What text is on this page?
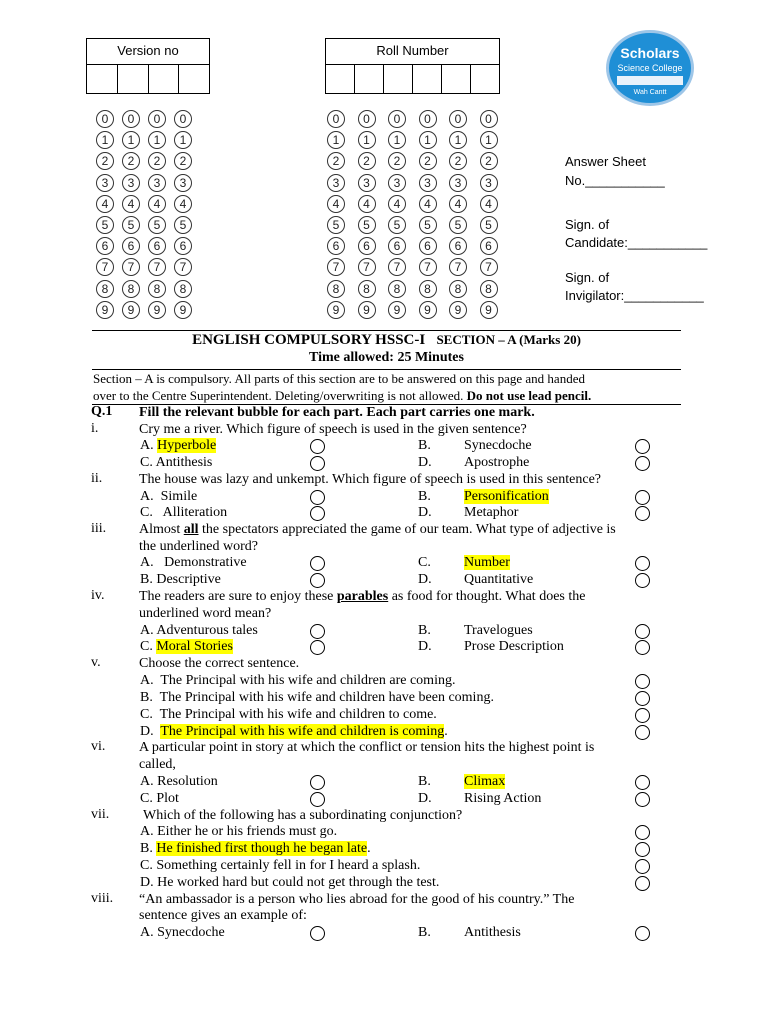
Version no	Roll Number
0	0	0	0
1	1	1	1
2	2	2	2
3	3	3	3
4	4	4	4
5	5	5	5
6	6	6	6
7	7	7	7
8	8	8	8
9	9	9	9
0	0	0	0	0	0
1	1	1	1	1	1
2	2	2	2	2	2
3	3	3	3	3	3
4	4	4	4	4	4
5	5	5	5	5	5
6	6	6	6	6	6
7	7	7	7	7	7
8	8	8	8	8	8
9	9	9	9	9	9
Scholars
Science College
Wah Cantt
Answer Sheet
No.___________
Sign. of
Candidate:___________
Sign. of
Invigilator:___________
ENGLISH COMPULSORY HSSC-I SECTION – A (Marks 20)
Time allowed: 25 Minutes
Section – A is compulsory. All parts of this section are to be answered on this page and handed
over to the Centre Superintendent. Deleting/overwriting is not allowed. Do not use lead pencil.
Q.1 Fill the relevant bubble for each part. Each part carries one mark.
i.	Cry me a river. Which figure of speech is used in the given sentence?
A. Hyperbole	B. Synecdoche
C. Antithesis	D. Apostrophe
ii.	The house was lazy and unkempt. Which figure of speech is used in this sentence?
A. Simile	B. Personification
C. Alliteration	D. Metaphor
iii. Almost all the spectators appreciated the game of our team. What type of adjective is
the underlined word?
A. Demonstrative	C. Number
B. Descriptive	D. Quantitative
iv. The readers are sure to enjoy these parables as food for thought. What does the
underlined word mean?
A. Adventurous tales	B. Travelogues
C. Moral Stories	D. Prose Description
v.	Choose the correct sentence.
A. The Principal with his wife and children are coming.
B. The Principal with his wife and children have been coming.
C. The Principal with his wife and children to come.
D. The Principal with his wife and children is coming.
vi. A particular point in story at which the conflict or tension hits the highest point is
called,
A. Resolution	B. Climax
C. Plot	D. Rising Action
vii. Which of the following has a subordinating conjunction?
A. Either he or his friends must go.
B. He finished first though he began late.
C. Something certainly fell in for I heard a splash.
D. He worked hard but could not get through the test.
viii. “An ambassador is a person who lies abroad for the good of his country.” The
sentence gives an example of:
A. Synecdoche	B. Antithesis
